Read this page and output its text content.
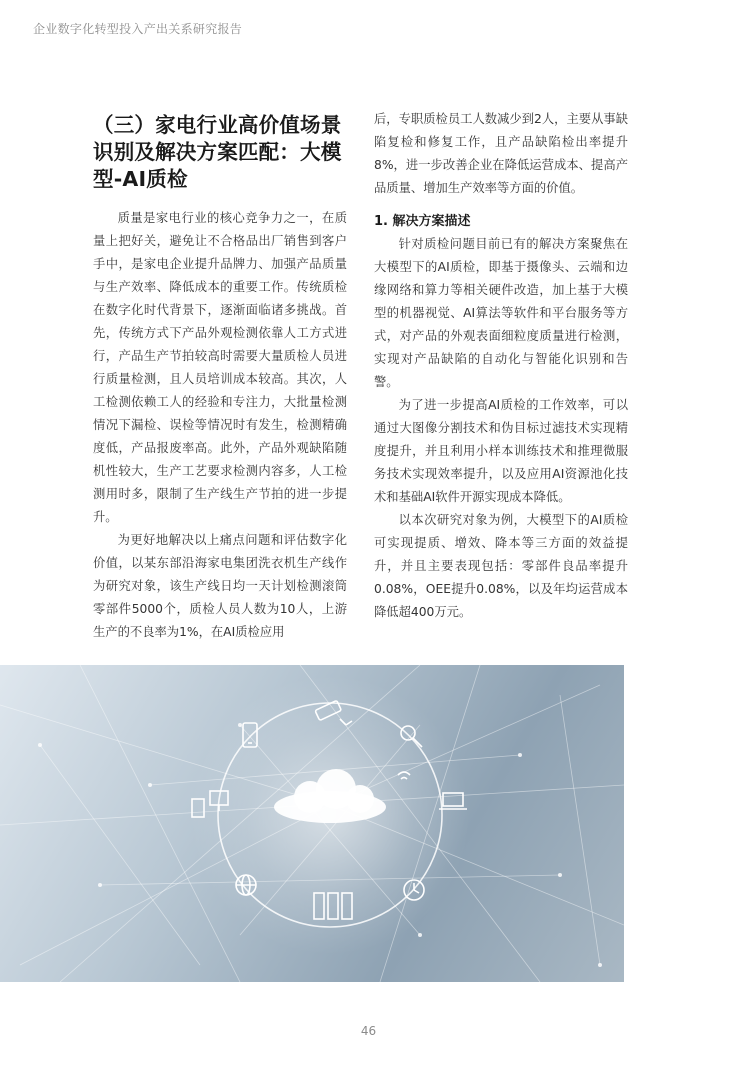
企业数字化转型投入产出关系研究报告
（三）家电行业高价值场景
识别及解决方案匹配：大模
型-AI质检

质量是家电行业的核心竞争力之一，在质量上把好关，避免让不合格品出厂销售到客户手中，是家电企业提升品牌力、加强产品质量与生产效率、降低成本的重要工作。传统质检在数字化时代背景下，逐渐面临诸多挑战。首先，传统方式下产品外观检测依靠人工方式进行，产品生产节拍较高时需要大量质检人员进行质量检测，且人员培训成本较高。其次，人工检测依赖工人的经验和专注力，大批量检测情况下漏检、误检等情况时有发生，检测精确度低，产品报废率高。此外，产品外观缺陷随机性较大，生产工艺要求检测内容多，人工检测用时多，限制了生产线生产节拍的进一步提升。

为更好地解决以上痛点问题和评估数字化价值，以某东部沿海家电集团洗衣机生产线作为研究对象，该生产线日均一天计划检测滚筒零部件5000个，质检人员人数为10人，上游生产的不良率为1%，在AI质检应用

后，专职质检员工人数减少到2人，主要从事缺陷复检和修复工作，且产品缺陷检出率提升8%，进一步改善企业在降低运营成本、提高产品质量、增加生产效率等方面的价值。

1. 解决方案描述

针对质检问题目前已有的解决方案聚焦在大模型下的AI质检，即基于摄像头、云端和边缘网络和算力等相关硬件改造，加上基于大模型的机器视觉、AI算法等软件和平台服务等方式，对产品的外观表面细粒度质量进行检测，实现对产品缺陷的自动化与智能化识别和告警。

为了进一步提高AI质检的工作效率，可以通过大图像分割技术和伪目标过滤技术实现精度提升，并且利用小样本训练技术和推理微服务技术实现效率提升，以及应用AI资源池化技术和基础AI软件开源实现成本降低。

以本次研究对象为例，大模型下的AI质检可实现提质、增效、降本等三方面的效益提升，并且主要表现包括：零部件良品率提升0.08%，OEE提升0.08%，以及年均运营成本降低超400万元。

46
